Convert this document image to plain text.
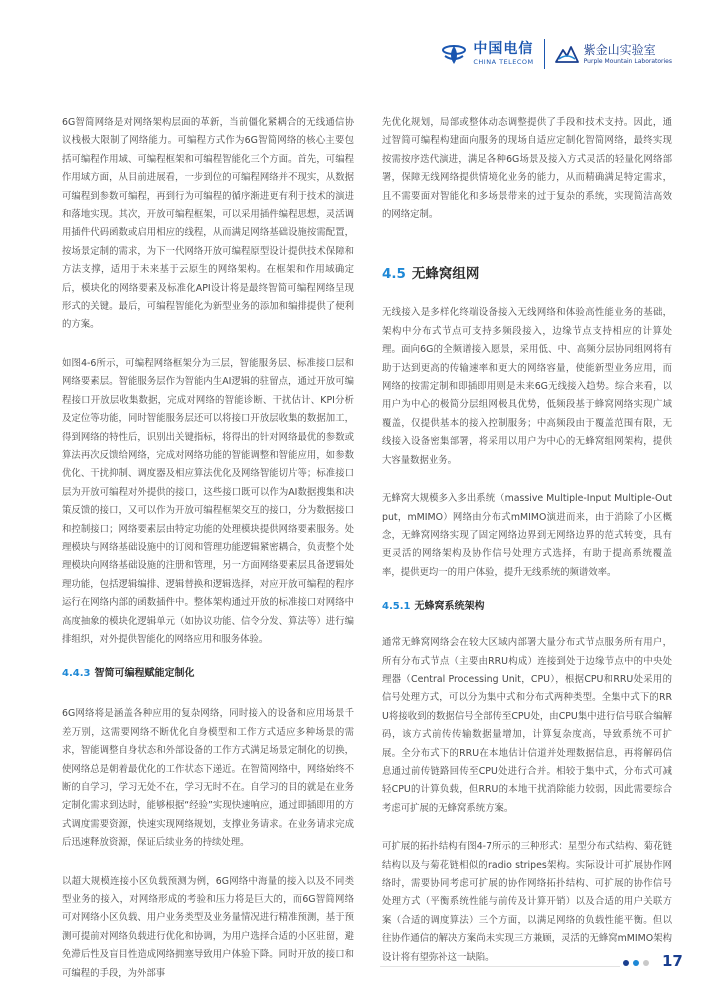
中国电信
CHINA TELECOM
紫金山实验室
Purple Mountain Laboratories

6G智简网络是对网络架构层面的革新，当前僵化紧耦合的无线通信协议栈极大限制了网络能力。可编程方式作为6G智简网络的核心主要包括可编程作用域、可编程框架和可编程智能化三个方面。首先，可编程作用域方面，从目前进展看，一步到位的可编程网络并不现实，从数据可编程到参数可编程，再到行为可编程的循序渐进更有利于技术的演进和落地实现。其次，开放可编程框架，可以采用插件编程思想，灵活调用插件代码函数或启用相应的线程，从而满足网络基础设施按需配置，按场景定制的需求，为下一代网络开放可编程原型设计提供技术保障和方法支撑，适用于未来基于云原生的网络架构。在框架和作用域确定后，模块化的网络要素及标准化API设计将是最终智简可编程网络呈现形式的关键。最后，可编程智能化为新型业务的添加和编排提供了便利的方案。

如图4-6所示，可编程网络框架分为三层，智能服务层、标准接口层和网络要素层。智能服务层作为智能内生AI逻辑的驻留点，通过开放可编程接口开放层收集数据，完成对网络的智能诊断、干扰估计、KPI分析及定位等功能，同时智能服务层还可以将接口开放层收集的数据加工，得到网络的特性后，识别出关键指标，将得出的针对网络最优的参数或算法再次反馈给网络，完成对网络功能的智能调整和智能应用，如参数优化、干扰抑制、调度器及相应算法优化及网络智能切片等；标准接口层为开放可编程对外提供的接口，这些接口既可以作为AI数据搜集和决策反馈的接口，又可以作为开放可编程框架交互的接口，分为数据接口和控制接口；网络要素层由特定功能的处理模块提供网络要素服务。处理模块与网络基础设施中的订阅和管理功能逻辑紧密耦合，负责整个处理模块向网络基础设施的注册和管理，另一方面网络要素层具备逻辑处理功能，包括逻辑编排、逻辑替换和逻辑选择，对应开放可编程的程序运行在网络内部的函数插件中。整体架构通过开放的标准接口对网络中高度抽象的模块化逻辑单元（如协议功能、信令分发、算法等）进行编排组织，对外提供智能化的网络应用和服务体验。

4.4.3 智简可编程赋能定制化

6G网络将是涵盖各种应用的复杂网络，同时接入的设备和应用场景千差万别，这需要网络不断优化自身模型和工作方式适应多种场景的需求，智能调整自身状态和外部设备的工作方式满足场景定制化的切换，使网络总是朝着最优化的工作状态下递近。在智简网络中，网络始终不断的自学习，学习无处不在，学习无时不在。自学习的目的就是在业务定制化需求到达时，能够根据“经验”实现快速响应，通过即插即用的方式调度需要资源，快速实现网络规划，支撑业务请求。在业务请求完成后迅速释放资源，保证后续业务的持续处理。

以超大规模连接小区负载预测为例，6G网络中海量的接入以及不同类型业务的接入，对网络形成的考验和压力将是巨大的，而6G智简网络可对网络小区负载、用户业务类型及业务量情况进行精准预测，基于预测可提前对网络负载进行优化和协调，为用户选择合适的小区驻留，避免滞后性及盲目性造成网络拥塞导致用户体验下降。同时开放的接口和可编程的手段，为外部事

先优化规划，局部或整体动态调整提供了手段和技术支持。因此，通过智简可编程构建面向服务的现场自适应定制化智简网络，最终实现按需按序迭代演进，满足各种6G场景及接入方式灵活的轻量化网络部署，保障无线网络提供情境化业务的能力，从而精确满足特定需求，且不需要面对智能化和多场景带来的过于复杂的系统，实现简洁高效的网络定制。

4.5 无蜂窝组网

无线接入是多样化终端设备接入无线网络和体验高性能业务的基础，架构中分布式节点可支持多频段接入，边缘节点支持相应的计算处理。面向6G的全频谱接入愿景，采用低、中、高频分层协同组网将有助于达到更高的传输速率和更大的网络容量，使能新型业务应用，而网络的按需定制和即插即用则是未来6G无线接入趋势。综合来看，以用户为中心的极简分层组网极具优势，低频段基于蜂窝网络实现广域覆盖，仅提供基本的接入控制服务；中高频段由于覆盖范围有限，无线接入设备密集部署，将采用以用户为中心的无蜂窝组网架构，提供大容量数据业务。

无蜂窝大规模多入多出系统（massive Multiple-Input Multiple-Output，mMIMO）网络由分布式mMIMO演进而来，由于消除了小区概念，无蜂窝网络实现了固定网络边界到无网络边界的范式转变，具有更灵活的网络架构及协作信号处理方式选择，有助于提高系统覆盖率，提供更均一的用户体验，提升无线系统的频谱效率。

4.5.1 无蜂窝系统架构

通常无蜂窝网络会在较大区域内部署大量分布式节点服务所有用户，所有分布式节点（主要由RRU构成）连接到处于边缘节点中的中央处理器（Central Processing Unit，CPU），根据CPU和RRU处采用的信号处理方式，可以分为集中式和分布式两种类型。全集中式下的RRU将接收到的数据信号全部传至CPU处，由CPU集中进行信号联合编解码，该方式前传传输数据量增加，计算复杂度高，导致系统不可扩展。全分布式下的RRU在本地估计信道并处理数据信息，再将解码信息通过前传链路回传至CPU处进行合并。相较于集中式，分布式可减轻CPU的计算负载，但RRU的本地干扰消除能力较弱，因此需要综合考虑可扩展的无蜂窝系统方案。

可扩展的拓扑结构有图4-7所示的三种形式：星型分布式结构、菊花链结构以及与菊花链相似的radio stripes架构。实际设计可扩展协作网络时，需要协同考虑可扩展的协作网络拓扑结构、可扩展的协作信号处理方式（平衡系统性能与前传及计算开销）以及合适的用户关联方案（合适的调度算法）三个方面，以满足网络的负载性能平衡。但以往协作通信的解决方案尚未实现三方兼顾，灵活的无蜂窝mMIMO架构设计将有望弥补这一缺陷。	17
